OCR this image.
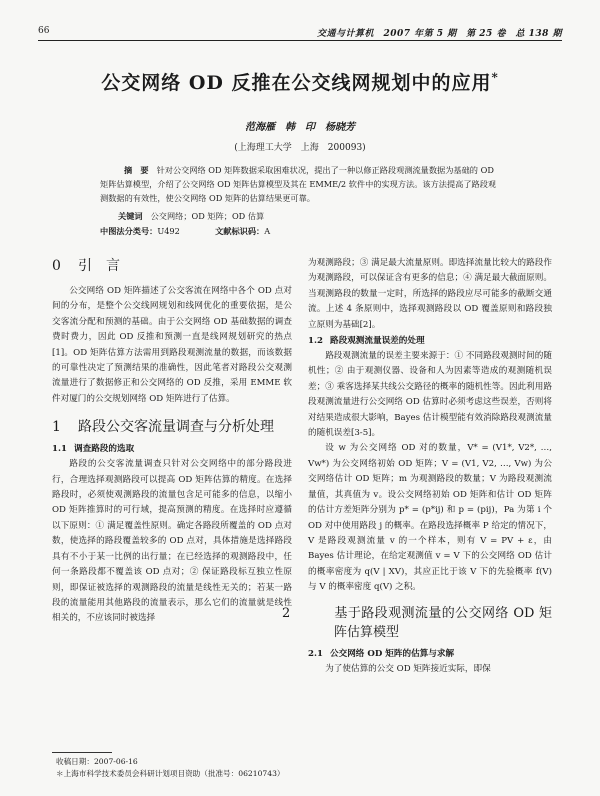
66	交通与计算机　2007 年第 5 期　第 25 卷　总 138 期
公交网络 OD 反推在公交线网规划中的应用*
范海雁　韩　印　杨晓芳
(上海理工大学　上海　200093)
摘　要 针对公交网络 OD 矩阵数据采取困难状况，提出了一种以修正路段观测流量数据为基础的 OD 矩阵估算模型，介绍了公交网络 OD 矩阵估算模型及其在 EMME/2 软件中的实现方法。该方法提高了路段观测数据的有效性，使公交网络 OD 矩阵的估算结果更可靠。
关键词 公交网络；OD 矩阵；OD 估算
中图法分类号：U492	文献标识码：A
0 引　言

公交网络 OD 矩阵描述了公交客流在网络中各个 OD 点对间的分布，是整个公交线网规划和线网优化的重要依据，是公交客流分配和预测的基础。由于公交网络 OD 基础数据的调查费时费力，因此 OD 反推和预测一直是线网规划研究的热点[1]。OD 矩阵估算方法需用到路段观测流量的数据，而该数据的可靠性决定了预测结果的准确性，因此笔者对路段公交观测流量进行了数据修正和公交网络的 OD 反推，采用 EMME 软件对厦门的公交规划网络 OD 矩阵进行了估算。

1 路段公交客流量调查与分析处理
1.1 调查路段的选取

路段的公交客流量调查只针对公交网络中的部分路段进行，合理选择观测路段可以提高 OD 矩阵估算的精度。在选择路段时，必须使观测路段的流量包含足可能多的信息，以缩小 OD 矩阵推算时的可行域，提高预测的精度。在选择时应遵循以下原则：① 满足覆盖性原则。确定各路段所覆盖的 OD 点对数，使选择的路段覆盖较多的 OD 点对，具体措施是选择路段具有不小于某一比例的出行量；在已经选择的观测路段中，任何一条路段都不覆盖该 OD 点对；② 保证路段标互独立性原则，即保证被选择的观测路段的流量是线性无关的；若某一路段的流量能用其他路段的流量表示，那么它们的流量就是线性相关的，不应该同时被选择

为观测路段；③ 满足最大流量原则。即选择流量比较大的路段作为观测路段，可以保证含有更多的信息；④ 满足最大截面原则。当观测路段的数量一定时，所选择的路段应尽可能多的截断交通流。上述 4 条原则中，选择观测路段以 OD 覆盖原则和路段独立原则为基础[2]。

1.2 路段观测流量误差的处理

路段观测流量的误差主要来源于：① 不同路段观测时间的随机性；② 由于观测仪器、设备和人为因素等造成的观测随机误差；③ 乘客选择某共线公交路径的概率的随机性等。因此利用路段观测流量进行公交网络 OD 估算时必须考虑这些误差，否则将对结果造成很大影响，Bayes 估计模型能有效消除路段观测流量的随机误差[3-5]。

设 w 为公交网络 OD 对的数量，V* = (V1*, V2*, …, Vw*) 为公交网络初始 OD 矩阵；V = (V1, V2, …, Vw) 为公交网络估计 OD 矩阵；m 为观测路段的数量；V 为路段观测流量值，其真值为 v。设公交网络初始 OD 矩阵和估计 OD 矩阵的估计方差矩阵分别为 p* = (p*ij) 和 p = (pij)，Pa 为第 i 个 OD 对中使用路段 j 的概率。在路段选择概率 P 给定的情况下，V 是路段观测流量 v 的一个样本，则有 V = PV + ε，由 Bayes 估计理论，在给定观测值 v = V 下的公交网络 OD 估计的概率密度为 q(V | XV)，其应正比于该 V 下的先验概率 f(V) 与 V 的概率密度 q(V) 之积。

2	基于路段观测流量的公交网络 OD 矩阵估算模型
2.1 公交网络 OD 矩阵的估算与求解

为了使估算的公交 OD 矩阵接近实际，即保

收稿日期：2007-06-16
＊上海市科学技术委员会科研计划项目资助（批准号：06210743）
